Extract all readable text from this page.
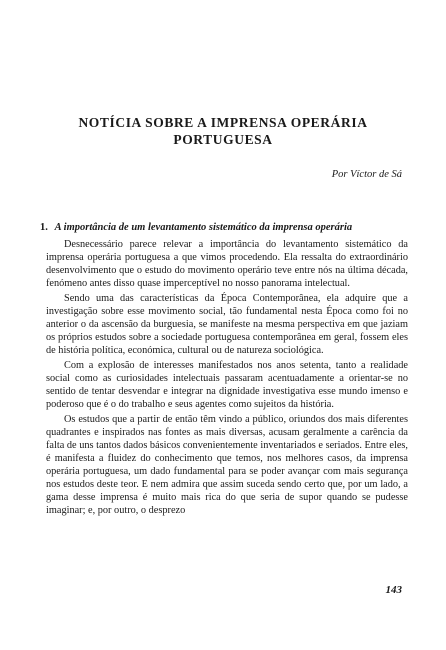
NOTÍCIA SOBRE A IMPRENSA OPERÁRIA
PORTUGUESA
Por Víctor de Sá
1. A importância de um levantamento sistemático da imprensa operária

Desnecessário parece relevar a importância do levantamento sistemático da imprensa operária portuguesa a que vimos procedendo. Ela ressalta do extraordinário desenvolvimento que o estudo do movimento operário teve entre nós na última década, fenómeno antes disso quase imperceptível no nosso panorama intelectual.

Sendo uma das características da Época Contemporânea, ela adquire que a investigação sobre esse movimento social, tão fundamental nesta Época como foi no anterior o da ascensão da burguesia, se manifeste na mesma perspectiva em que jaziam os próprios estudos sobre a sociedade portuguesa contemporânea em geral, fossem eles de história política, económica, cultural ou de natureza sociológica.

Com a explosão de interesses manifestados nos anos setenta, tanto a realidade social como as curiosidades intelectuais passaram acentuadamente a orientar-se no sentido de tentar desvendar e integrar na dignidade investigativa esse mundo imenso e poderoso que é o do trabalho e seus agentes como sujeitos da história.

Os estudos que a partir de então têm vindo a público, oriundos dos mais diferentes quadrantes e inspirados nas fontes as mais diversas, acusam geralmente a carência da falta de uns tantos dados básicos convenientemente inventariados e seriados. Entre eles, é manifesta a fluidez do conhecimento que temos, nos melhores casos, da imprensa operária portuguesa, um dado fundamental para se poder avançar com mais segurança nos estudos deste teor. E nem admira que assim suceda sendo certo que, por um lado, a gama desse imprensa é muito mais rica do que seria de supor quando se pudesse imaginar; e, por outro, o desprezo

143
